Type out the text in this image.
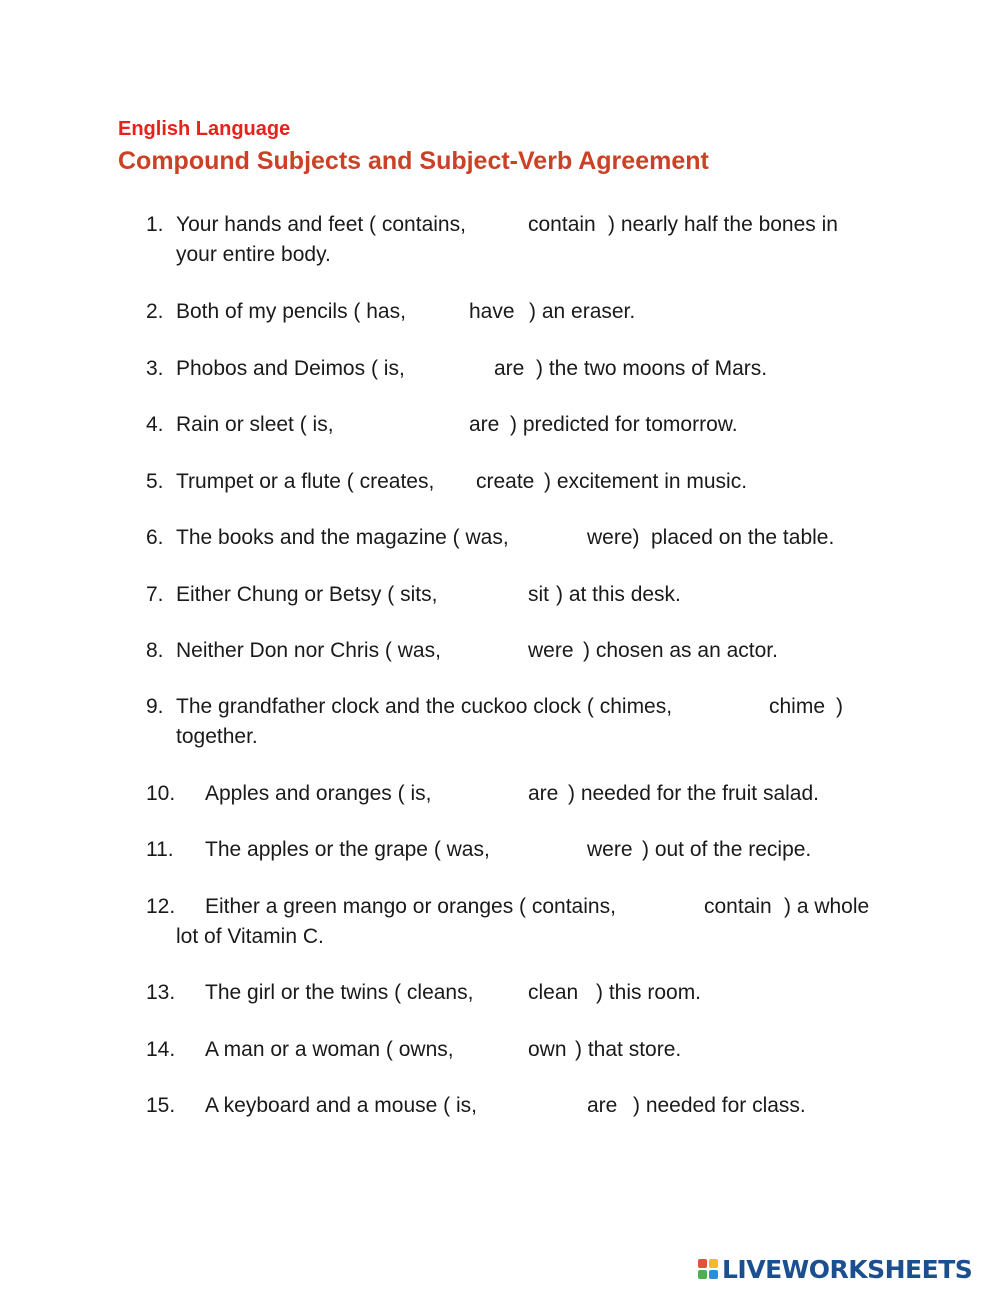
English Language
Compound Subjects and Subject-Verb Agreement
1. Your hands and feet ( contains,	contain ) nearly half the bones in
your entire body.
2. Both of my pencils ( has,	have ) an eraser.
3. Phobos and Deimos ( is,	are ) the two moons of Mars.
4. Rain or sleet ( is,	are ) predicted for tomorrow.
5. Trumpet or a flute ( creates, create ) excitement in music.
6. The books and the magazine ( was,	were) placed on the table.
7. Either Chung or Betsy ( sits,	sit ) at this desk.
8. Neither Don nor Chris ( was,	were ) chosen as an actor.
9. The grandfather clock and the cuckoo clock ( chimes,	chime )
together.
10. Apples and oranges ( is,	are ) needed for the fruit salad.
11. The apples or the grape ( was,	were ) out of the recipe.
12. Either a green mango or oranges ( contains,	contain ) a whole
lot of Vitamin C.
13. The girl or the twins ( cleans,	clean ) this room.
14. A man or a woman ( owns,	own ) that store.
15. A keyboard and a mouse ( is,	are ) needed for class.
LIVEWORKSHEETS
